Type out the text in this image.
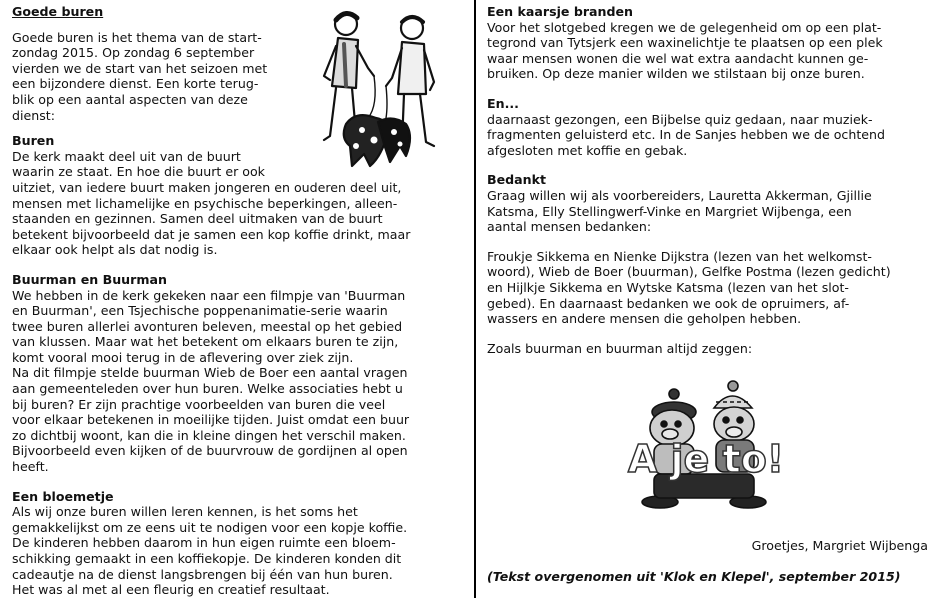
Goede buren
Goede buren is het thema van de start-
zondag 2015. Op zondag 6 september
vierden we de start van het seizoen met
een bijzondere dienst. Een korte terug-
blik op een aantal aspecten van deze
dienst:
Buren
De kerk maakt deel uit van de buurt
waarin ze staat. En hoe die buurt er ook
uitziet, van iedere buurt maken jongeren en ouderen deel uit,
mensen met lichamelijke en psychische beperkingen, alleen-
staanden en gezinnen. Samen deel uitmaken van de buurt
betekent bijvoorbeeld dat je samen een kop koffie drinkt, maar
elkaar ook helpt als dat nodig is.
Buurman en Buurman
We hebben in de kerk gekeken naar een filmpje van 'Buurman
en Buurman', een Tsjechische poppenanimatie-serie waarin
twee buren allerlei avonturen beleven, meestal op het gebied
van klussen. Maar wat het betekent om elkaars buren te zijn,
komt vooral mooi terug in de aflevering over ziek zijn.
Na dit filmpje stelde buurman Wieb de Boer een aantal vragen
aan gemeenteleden over hun buren. Welke associaties hebt u
bij buren? Er zijn prachtige voorbeelden van buren die veel
voor elkaar betekenen in moeilijke tijden. Juist omdat een buur
zo dichtbij woont, kan die in kleine dingen het verschil maken.
Bijvoorbeeld even kijken of de buurvrouw de gordijnen al open
heeft.
Een bloemetje
Als wij onze buren willen leren kennen, is het soms het
gemakkelijkst om ze eens uit te nodigen voor een kopje koffie.
De kinderen hebben daarom in hun eigen ruimte een bloem-
schikking gemaakt in een koffiekopje. De kinderen konden dit
cadeautje na de dienst langsbrengen bij één van hun buren.
Het was al met al een fleurig en creatief resultaat.
Een kaarsje branden
Voor het slotgebed kregen we de gelegenheid om op een plat-
tegrond van Tytsjerk een waxinelichtje te plaatsen op een plek
waar mensen wonen die wel wat extra aandacht kunnen ge-
bruiken. Op deze manier wilden we stilstaan bij onze buren.
En...
daarnaast gezongen, een Bijbelse quiz gedaan, naar muziek-
fragmenten geluisterd etc. In de Sanjes hebben we de ochtend
afgesloten met koffie en gebak.
Bedankt
Graag willen wij als voorbereiders, Lauretta Akkerman, Gjillie
Katsma, Elly Stellingwerf-Vinke en Margriet Wijbenga, een
aantal mensen bedanken:
Froukje Sikkema en Nienke Dijkstra (lezen van het welkomst-
woord), Wieb de Boer (buurman), Gelfke Postma (lezen gedicht)
en Hijlkje Sikkema en Wytske Katsma (lezen van het slot-
gebed). En daarnaast bedanken we ook de opruimers, af-
wassers en andere mensen die geholpen hebben.
Zoals buurman en buurman altijd zeggen:
A je to!
Groetjes, Margriet Wijbenga
(Tekst overgenomen uit 'Klok en Klepel', september 2015)
